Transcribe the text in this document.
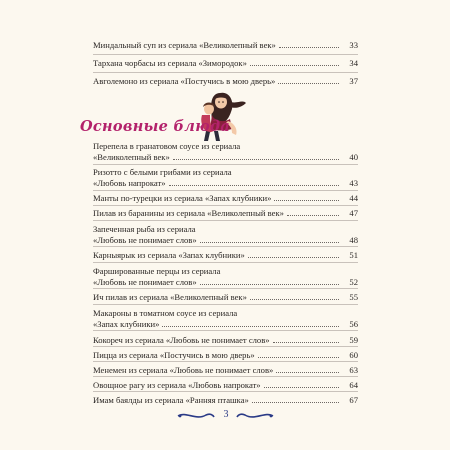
Миндальный суп из сериала «Великолепный век»	33
Тархана чорбасы из сериала «Зимородок»	34
Авголемоно из сериала «Постучись в мою дверь»	37
Основные блюда
Перепела в гранатовом соусе из сериала
«Великолепный век»	40
Ризотто с белыми грибами из сериала
«Любовь напрокат»	43
Манты по-турецки из сериала «Запах клубники»	44
Пилав из баранины из сериала «Великолепный век»	47
Запеченная рыба из сериала
«Любовь не понимает слов»	48
Карныярык из сериала «Запах клубники»	51
Фаршированные перцы из сериала
«Любовь не понимает слов»	52
Ич пилав из сериала «Великолепный век»	55
Макароны в томатном соусе из сериала
«Запах клубники»	56
Кокореч из сериала «Любовь не понимает слов»	59
Пицца из сериала «Постучись в мою дверь»	60
Менемен из сериала «Любовь не понимает слов»	63
3
Овощное рагу из сериала «Любовь напрокат»	64
Имам баялды из сериала «Ранняя пташка»	67
